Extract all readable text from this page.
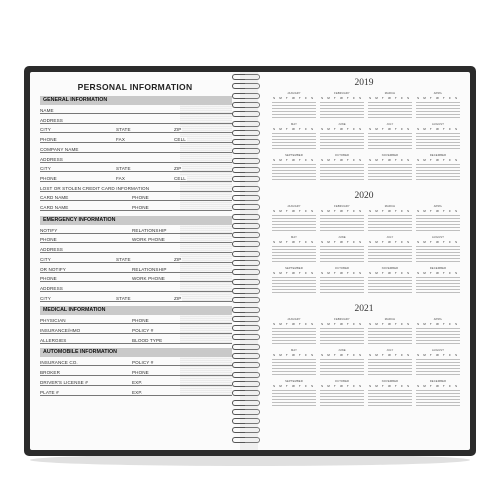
PERSONAL INFORMATION
GENERAL INFORMATION
NAME
ADDRESS
CITY	STATE	ZIP
PHONE	FAX	CELL
COMPANY NAME
ADDRESS
CITY	STATE	ZIP
PHONE	FAX	CELL
LOST OR STOLEN CREDIT CARD INFORMATION
CARD NAME	PHONE
CARD NAME	PHONE
EMERGENCY INFORMATION
NOTIFY	RELATIONSHIP
PHONE	WORK PHONE
ADDRESS
CITY	STATE	ZIP
OR NOTIFY	RELATIONSHIP
PHONE	WORK PHONE
ADDRESS
CITY	STATE	ZIP
MEDICAL INFORMATION
PHYSICIAN	PHONE
INSURANCE/HMO	POLICY #
ALLERGIES	BLOOD TYPE
AUTOMOBILE INFORMATION
INSURANCE CO.	POLICY #
BROKER	PHONE
DRIVER'S LICENSE #	EXP.
PLATE #	EXP.
2019
JANUARY
S M T W T F S
FEBRUARY
S M T W T F S
MARCH
S M T W T F S
APRIL
S M T W T F S
MAY
S M T W T F S
JUNE
S M T W T F S
JULY
S M T W T F S
AUGUST
S M T W T F S
SEPTEMBER
S M T W T F S
OCTOBER
S M T W T F S
NOVEMBER
S M T W T F S
DECEMBER
S M T W T F S
2020
JANUARY
S M T W T F S
FEBRUARY
S M T W T F S
MARCH
S M T W T F S
APRIL
S M T W T F S
MAY
S M T W T F S
JUNE
S M T W T F S
JULY
S M T W T F S
AUGUST
S M T W T F S
SEPTEMBER
S M T W T F S
OCTOBER
S M T W T F S
NOVEMBER
S M T W T F S
DECEMBER
S M T W T F S
2021
JANUARY
S M T W T F S
FEBRUARY
S M T W T F S
MARCH
S M T W T F S
APRIL
S M T W T F S
MAY
S M T W T F S
JUNE
S M T W T F S
JULY
S M T W T F S
AUGUST
S M T W T F S
SEPTEMBER
S M T W T F S
OCTOBER
S M T W T F S
NOVEMBER
S M T W T F S
DECEMBER
S M T W T F S
